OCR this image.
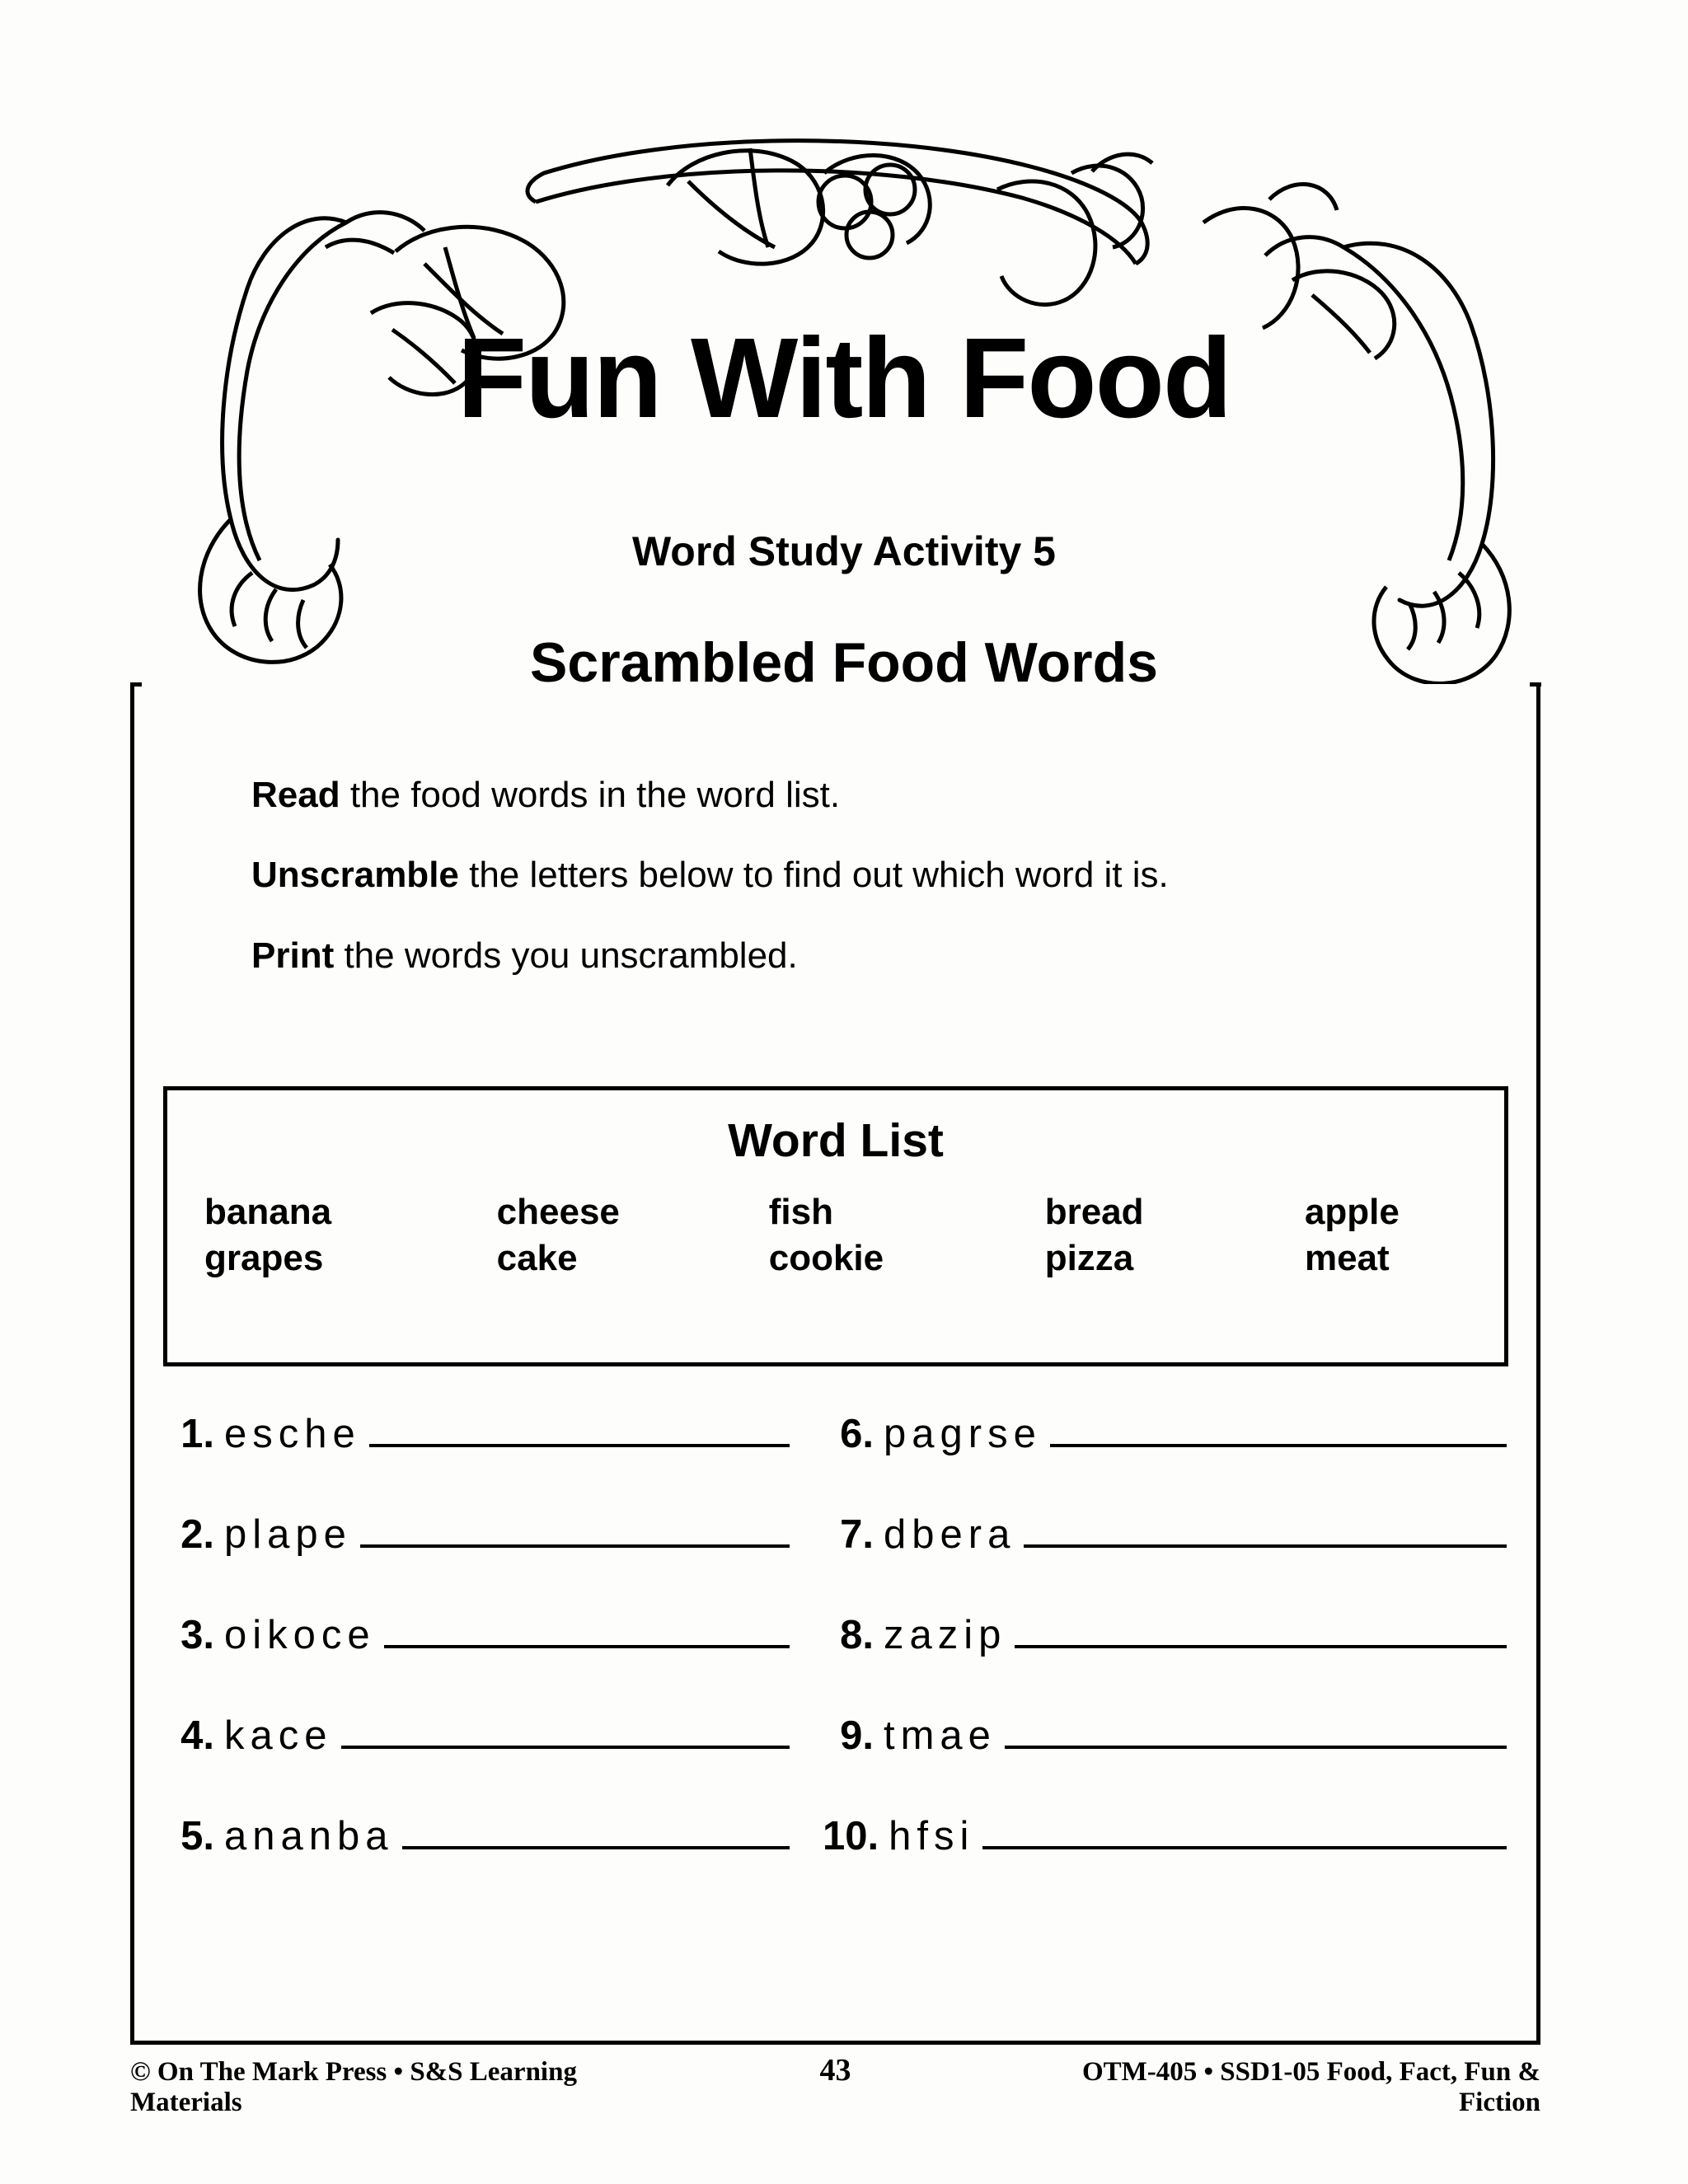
Fun With Food
Word Study Activity 5
Scrambled Food Words
Read the food words in the word list.
Unscramble the letters below to find out which word it is.
Print the words you unscrambled.
Word List
banana	cheese	fish	bread	apple
grapes	cake	cookie	pizza	meat
1. esche
2. plape
3. oikoce
4. kace
5. ananba
6. pagrse
7. dbera
8. zazip
9. tmae
10. hfsi
© On The Mark Press • S&S Learning Materials
43	OTM-405 • SSD1-05 Food, Fact, Fun & Fiction
